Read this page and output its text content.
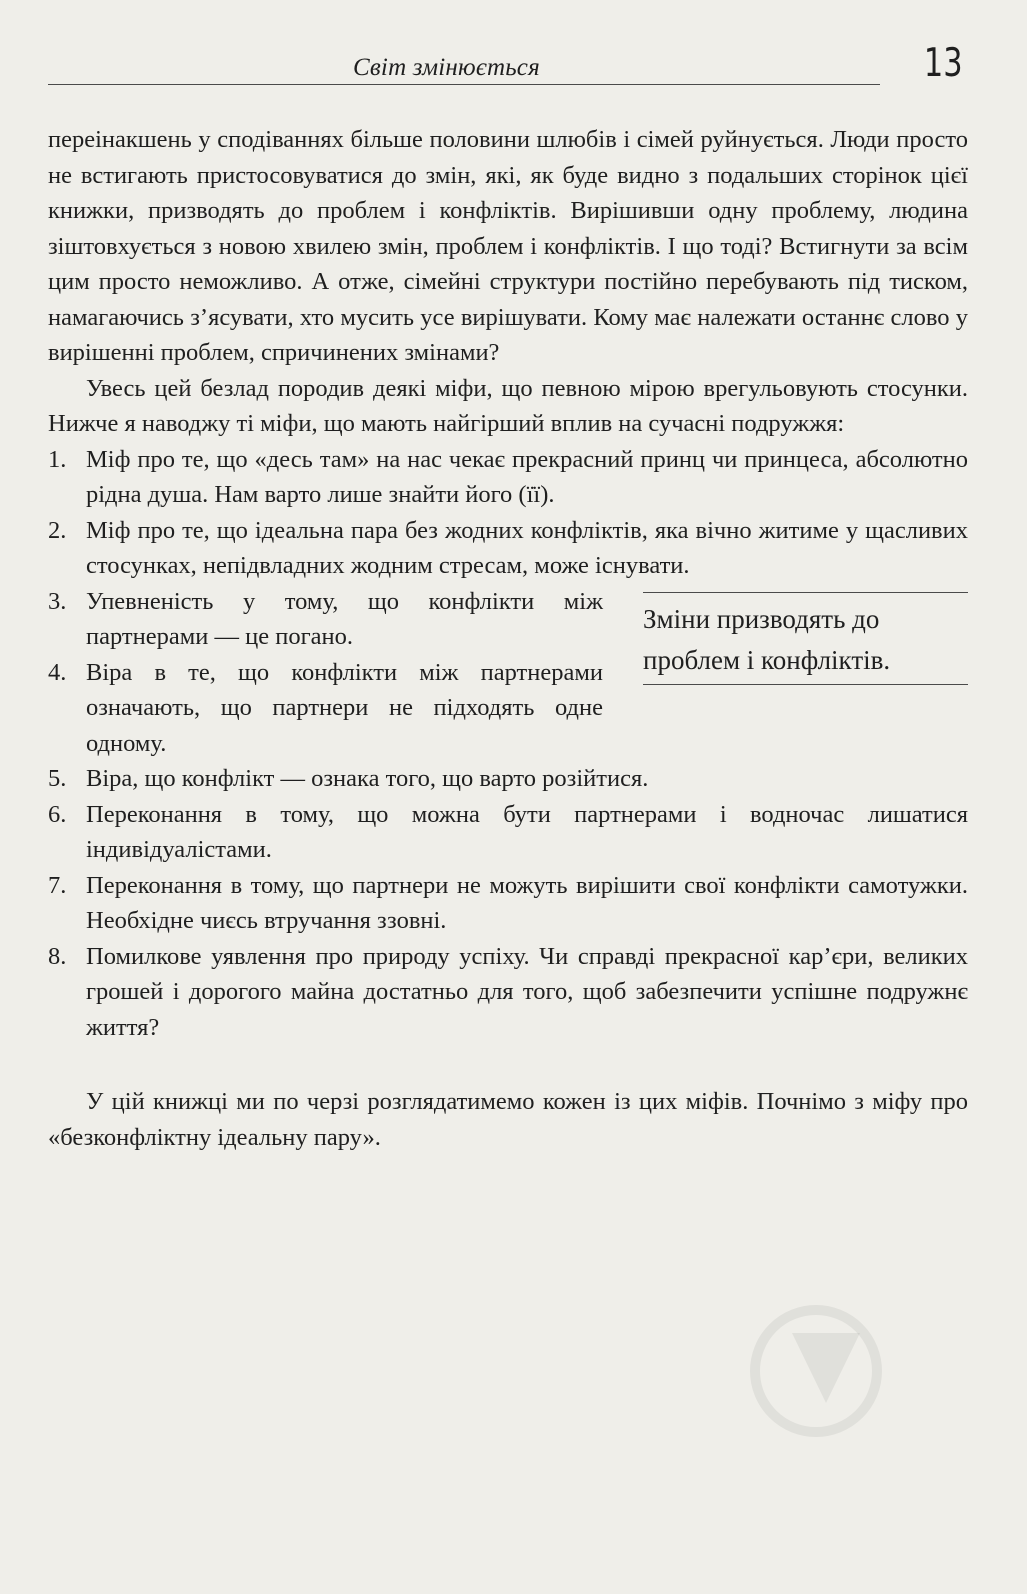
Світ змінюється	13

переінакшень у сподіваннях більше половини шлюбів і сімей руйнується. Люди просто не встигають пристосовуватися до змін, які, як буде видно з подальших сторінок цієї книжки, призводять до проблем і конфліктів. Вирішивши одну проблему, людина зіштовхується з новою хвилею змін, проблем і конфліктів. І що тоді? Встигнути за всім цим просто неможливо. А отже, сімейні структури постійно перебувають під тиском, намагаючись з’ясувати, хто мусить усе вирішувати. Кому має належати останнє слово у вирішенні проблем, спричинених змінами?

Увесь цей безлад породив деякі міфи, що певною мірою врегульовують стосунки. Нижче я наводжу ті міфи, що мають найгірший вплив на сучасні подружжя:

1. Міф про те, що «десь там» на нас чекає прекрасний принц чи принцеса, абсолютно рідна душа. Нам варто лише знайти його (її).
2. Міф про те, що ідеальна пара без жодних конфліктів, яка вічно житиме у щасливих стосунках, непідвладних жодним стресам, може існувати.
3. Упевненість у тому, що конфлікти між партнерами — це погано.
4. Віра в те, що конфлікти між партнерами означають, що партнери не підходять одне одному.
Зміни призводять до проблем і конфліктів.
5. Віра, що конфлікт — ознака того, що варто розійтися.
6. Переконання в тому, що можна бути партнерами і водночас лишатися індивідуалістами.
7. Переконання в тому, що партнери не можуть вирішити свої конфлікти самотужки. Необхідне чиєсь втручання ззовні.
8. Помилкове уявлення про природу успіху. Чи справді прекрасної кар’єри, великих грошей і дорогого майна достатньо для того, щоб забезпечити успішне подружнє життя?

У цій книжці ми по черзі розглядатимемо кожен із цих міфів. Почнімо з міфу про «безконфліктну ідеальну пару».
